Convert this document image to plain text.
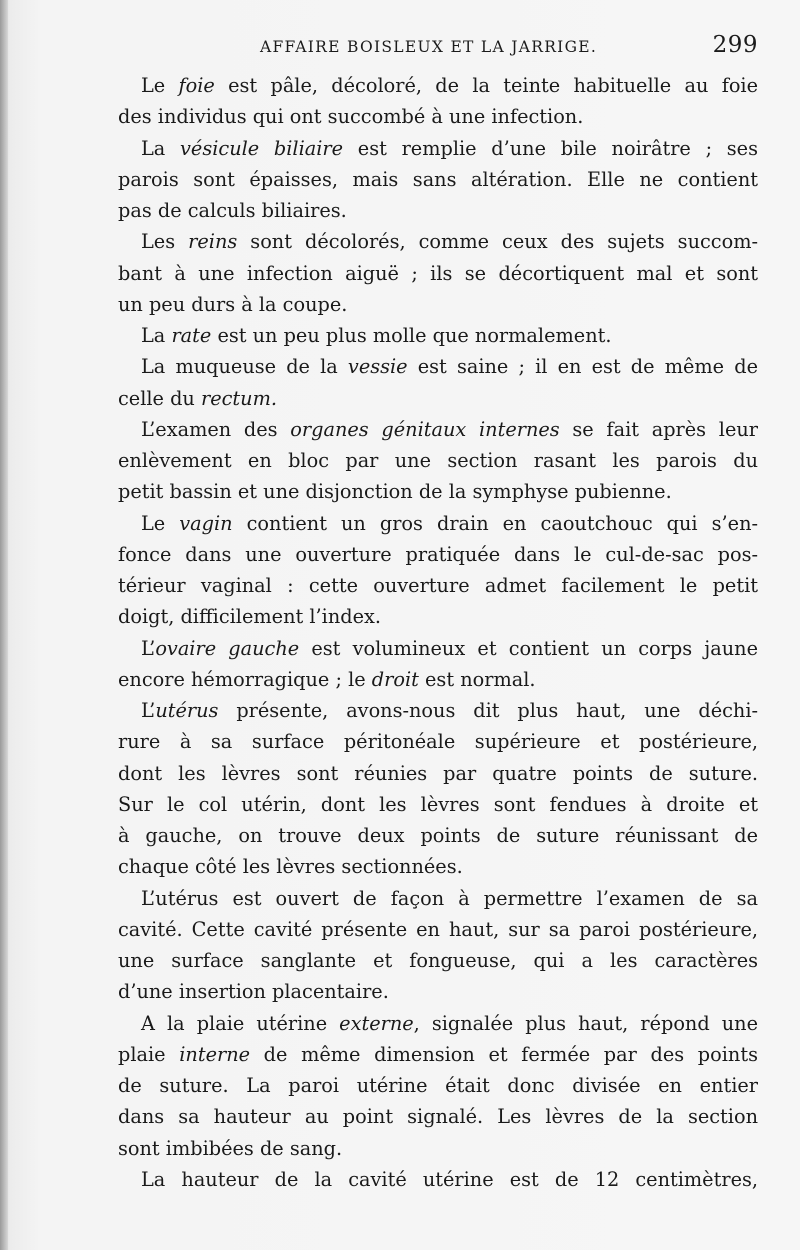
AFFAIRE BOISLEUX ET LA JARRIGE.	299
Le foie est pâle, décoloré, de la teinte habituelle au foie
des individus qui ont succombé à une infection.
La vésicule biliaire est remplie d’une bile noirâtre ; ses
parois sont épaisses, mais sans altération. Elle ne contient
pas de calculs biliaires.
Les reins sont décolorés, comme ceux des sujets succom-
bant à une infection aiguë ; ils se décortiquent mal et sont
un peu durs à la coupe.
La rate est un peu plus molle que normalement.
La muqueuse de la vessie est saine ; il en est de même de
celle du rectum.
L’examen des organes génitaux internes se fait après leur
enlèvement en bloc par une section rasant les parois du
petit bassin et une disjonction de la symphyse pubienne.
Le vagin contient un gros drain en caoutchouc qui s’en-
fonce dans une ouverture pratiquée dans le cul-de-sac pos-
térieur vaginal : cette ouverture admet facilement le petit
doigt, difficilement l’index.
L’ovaire gauche est volumineux et contient un corps jaune
encore hémorragique ; le droit est normal.
L’utérus présente, avons-nous dit plus haut, une déchi-
rure à sa surface péritonéale supérieure et postérieure,
dont les lèvres sont réunies par quatre points de suture.
Sur le col utérin, dont les lèvres sont fendues à droite et
à gauche, on trouve deux points de suture réunissant de
chaque côté les lèvres sectionnées.
L’utérus est ouvert de façon à permettre l’examen de sa
cavité. Cette cavité présente en haut, sur sa paroi postérieure,
une surface sanglante et fongueuse, qui a les caractères
d’une insertion placentaire.
A la plaie utérine externe, signalée plus haut, répond une
plaie interne de même dimension et fermée par des points
de suture. La paroi utérine était donc divisée en entier
dans sa hauteur au point signalé. Les lèvres de la section
sont imbibées de sang.
La hauteur de la cavité utérine est de 12 centimètres,
